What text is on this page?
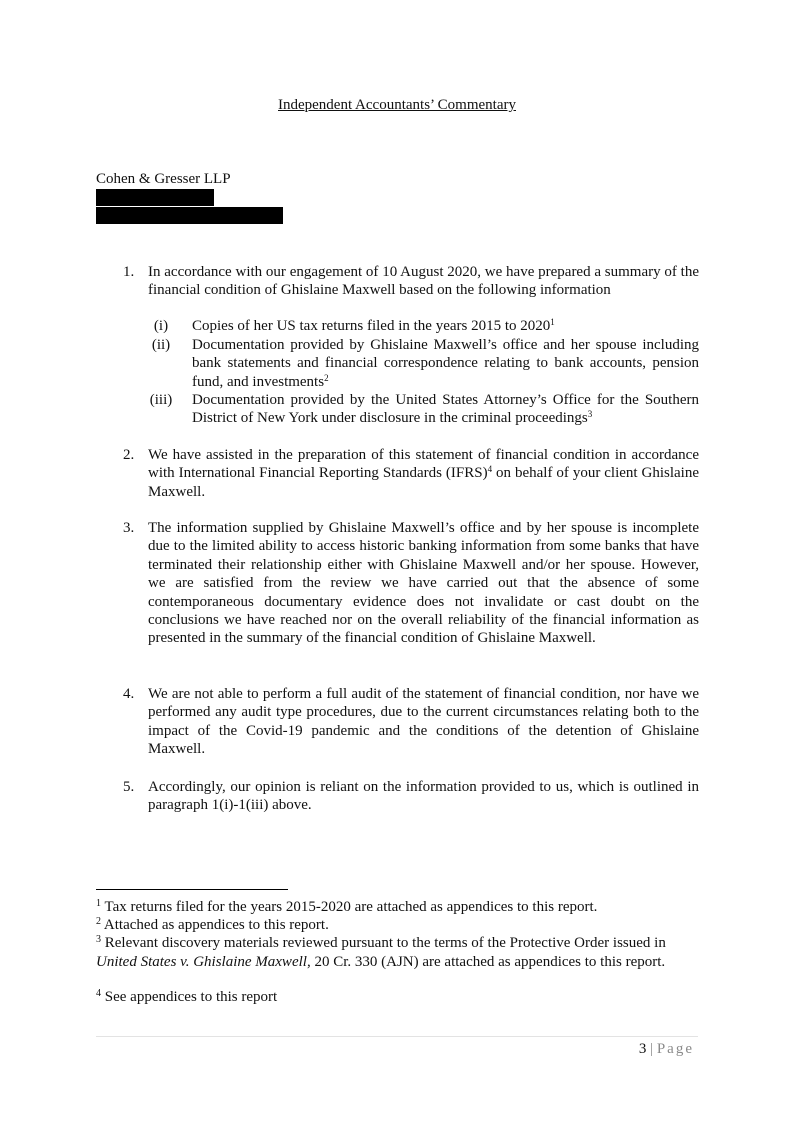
Independent Accountants’ Commentary
Cohen & Gresser LLP
1. In accordance with our engagement of 10 August 2020, we have prepared a summary of the financial condition of Ghislaine Maxwell based on the following information
(i)	Copies of her US tax returns filed in the years 2015 to 2020$^1$
(ii)	Documentation provided by Ghislaine Maxwell’s office and her spouse including bank statements and financial correspondence relating to bank accounts, pension fund, and investments$^2$
(iii)	Documentation provided by the United States Attorney’s Office for the Southern District of New York under disclosure in the criminal proceedings$^3$
2. We have assisted in the preparation of this statement of financial condition in accordance with International Financial Reporting Standards (IFRS)$^4$ on behalf of your client Ghislaine Maxwell.
3. The information supplied by Ghislaine Maxwell’s office and by her spouse is incomplete due to the limited ability to access historic banking information from some banks that have terminated their relationship either with Ghislaine Maxwell and/or her spouse. However, we are satisfied from the review we have carried out that the absence of some contemporaneous documentary evidence does not invalidate or cast doubt on the conclusions we have reached nor on the overall reliability of the financial information as presented in the summary of the financial condition of Ghislaine Maxwell.
4. We are not able to perform a full audit of the statement of financial condition, nor have we performed any audit type procedures, due to the current circumstances relating both to the impact of the Covid-19 pandemic and the conditions of the detention of Ghislaine Maxwell.
5. Accordingly, our opinion is reliant on the information provided to us, which is outlined in paragraph 1(i)-1(iii) above.

$^1$ Tax returns filed for the years 2015-2020 are attached as appendices to this report.

$^2$ Attached as appendices to this report.

$^3$ Relevant discovery materials reviewed pursuant to the terms of the Protective Order issued in United States v. Ghislaine Maxwell, 20 Cr. 330 (AJN) are attached as appendices to this report.

$^4$ See appendices to this report

3 | Page
